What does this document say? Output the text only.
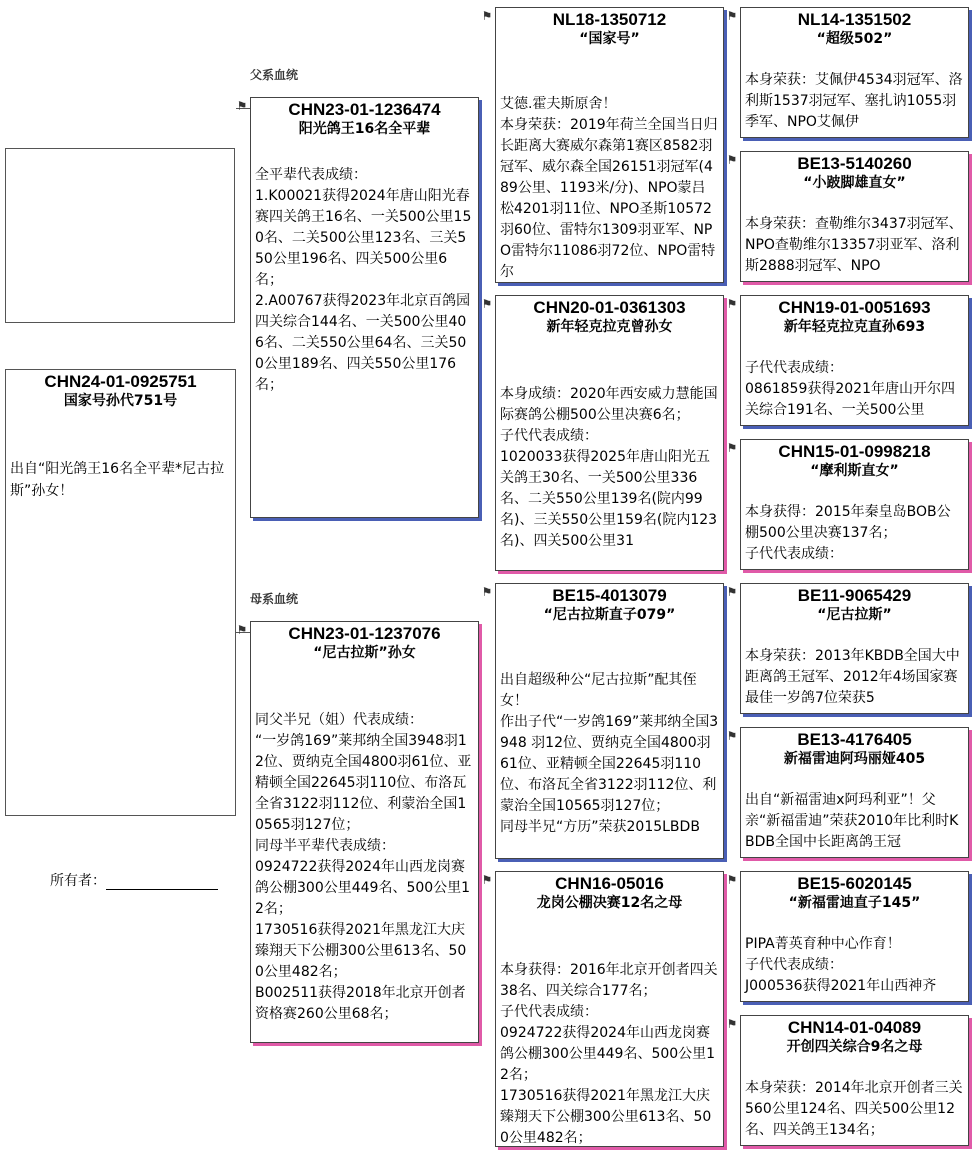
父系血统
母系血统
CHN24-01-0925751
国家号孙代751号
出自“阳光鸽王16名全平辈*尼古拉斯”孙女！
所有者：
⚑	CHN23-01-1236474
阳光鸽王16名全平辈
全平辈代表成绩：
1.K00021获得2024年唐山阳光春赛四关鸽王16名、一关500公里150名、二关500公里123名、三关550公里196名、四关500公里6名；
2.A00767获得2023年北京百鸽园四关综合144名、一关500公里406名、二关550公里64名、三关500公里189名、四关550公里176名；
⚑	CHN23-01-1237076
“尼古拉斯”孙女
同父半兄（姐）代表成绩：
“一岁鸽169”莱邦纳全国3948羽12位、贾纳克全国4800羽61位、亚精顿全国22645羽110位、布洛瓦全省3122羽112位、利蒙治全国10565羽127位；
同母半平辈代表成绩：
0924722获得2024年山西龙岗赛鸽公棚300公里449名、500公里12名；
1730516获得2021年黑龙江大庆臻翔天下公棚300公里613名、500公里482名；
B002511获得2018年北京开创者资格赛260公里68名；
⚑	NL18-1350712
“国家号”
艾德.霍夫斯原舍！
本身荣获：2019年荷兰全国当日归长距离大赛威尔森第1赛区8582羽冠军、威尔森全国26151羽冠军(489公里、1193米/分)、NPO蒙吕松4201羽11位、NPO圣斯10572羽60位、雷特尔1309羽亚军、NPO雷特尔11086羽72位、NPO雷特尔
⚑	CHN20-01-0361303
新年轻克拉克曾孙女
本身成绩：2020年西安威力慧能国际赛鸽公棚500公里决赛6名；
子代代表成绩：
1020033获得2025年唐山阳光五关鸽王30名、一关500公里336名、二关550公里139名(院内99名)、三关550公里159名(院内123名)、四关500公里31
⚑	BE15-4013079
“尼古拉斯直子079”
出自超级种公“尼古拉斯”配其侄女！
作出子代“一岁鸽169”莱邦纳全国3948 羽12位、贾纳克全国4800羽61位、亚精顿全国22645羽110位、布洛瓦全省3122羽112位、利蒙治全国10565羽127位；
同母半兄“方历”荣获2015LBDB
⚑	CHN16-05016
龙岗公棚决赛12名之母
本身获得：2016年北京开创者四关38名、四关综合177名；
子代代表成绩：
0924722获得2024年山西龙岗赛鸽公棚300公里449名、500公里12名；
1730516获得2021年黑龙江大庆臻翔天下公棚300公里613名、500公里482名；
⚑	NL14-1351502
“超级502”
本身荣获：艾佩伊4534羽冠军、洛利斯1537羽冠军、塞扎讷1055羽季军、NPO艾佩伊
⚑	BE13-5140260
“小跛脚雄直女”
本身荣获：查勒维尔3437羽冠军、NPO查勒维尔13357羽亚军、洛利斯2888羽冠军、NPO
⚑	CHN19-01-0051693
新年轻克拉克直孙693
子代代表成绩：
0861859获得2021年唐山开尔四关综合191名、一关500公里
⚑	CHN15-01-0998218
“摩利斯直女”
本身获得：2015年秦皇岛BOB公棚500公里决赛137名；
子代代表成绩：
⚑	BE11-9065429
“尼古拉斯”
本身荣获：2013年KBDB全国大中距离鸽王冠军、2012年4场国家赛最佳一岁鸽7位荣获5
⚑	BE13-4176405
新福雷迪阿玛丽娅405
出自“新福雷迪x阿玛利亚”！父亲“新福雷迪”荣获2010年比利时KBDB全国中长距离鸽王冠
⚑	BE15-6020145
“新福雷迪直子145”
PIPA菁英育种中心作育！
子代代表成绩：
J000536获得2021年山西神齐
⚑	CHN14-01-04089
开创四关综合9名之母
本身荣获：2014年北京开创者三关560公里124名、四关500公里12名、四关鸽王134名；
